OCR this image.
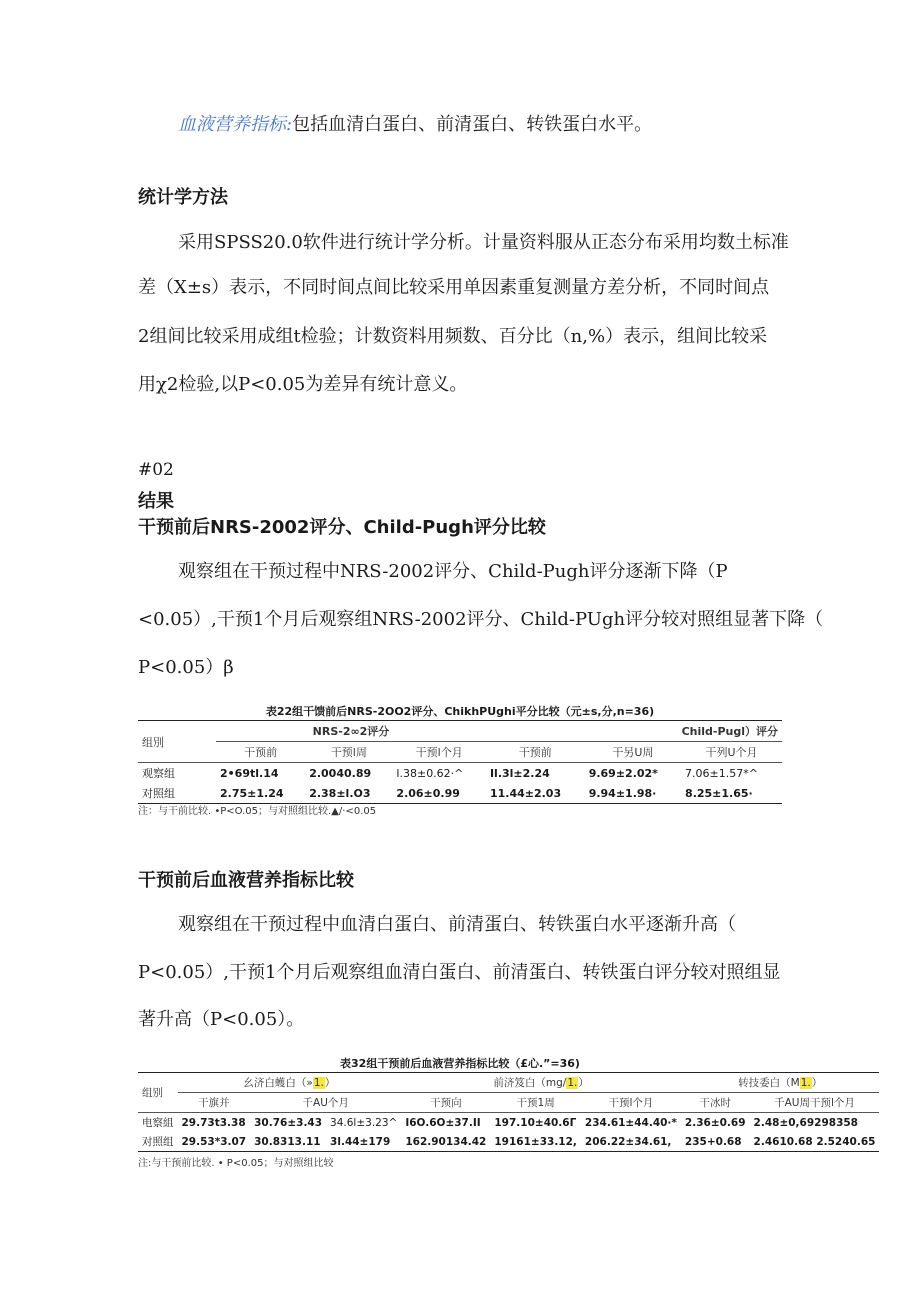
血液营养指标:包括血清白蛋白、前清蛋白、转铁蛋白水平。
统计学方法
采用SPSS20.0软件进行统计学分析。计量资料服从正态分布采用均数土标准
差（X±s）表示，不同时间点间比较采用单因素重复测量方差分析，不同时间点
2组间比较采用成组t检验；计数资料用频数、百分比（n,%）表示，组间比较采
用χ2检验,以P<0.05为差异有统计意义。
#02
结果
干预前后NRS-2002评分、Child-Pugh评分比较
观察组在干预过程中NRS-2002评分、Child-Pugh评分逐渐下降（P
<0.05）,干预1个月后观察组NRS-2002评分、Child-PUgh评分较对照组显著下降（
P<0.05）β
表22组干馈前后NRS-2OO2评分、ChikhPUghi平分比较（元±s,分,n=36)
组別	NRS-2∞2评分			Child-Pugl）评分		
	干预前	干预l周	干预l个月	干预前	干另U周	干列U个月
观察组	2•69tl.14	2.0040.89	l.38±0.62·^	Il.3l±2.24	9.69±2.02*	7.06±1.57*^
对照组	2.75±1.24	2.38±l.O3	2.06±0.99	11.44±2.03	9.94±1.98·	8.25±1.65·
注：与干前比较. •P<O.05；与对照组比较.▲/·<0.05
干预前后血液营养指标比较
观察组在干预过程中血清白蛋白、前清蛋白、转铁蛋白水平逐渐升高（
P<0.05）,干预1个月后观察组血清白蛋白、前清蛋白、转铁蛋白评分较对照组显
著升高（P<0.05）。
表32组干预前后血液营养指标比较（£心.”=36)
组别	幺济白蠖白（»1.）			前济笈白（mg/1.）			转技委白（M1.）	
	干旗并	千AU个月		干预向	干预1周	干预l个月	干冰时	千AU周干预l个月
电察組	29.73t3.38	30.76±3.43	34.6l±3.23^	I6O.6O±37.II	197.10±40.6Γ	234.61±44.40·*	2.36±0.69	2.48±0,69298358
对照组	29.53*3.07	30.8313.11	3l.44±179	162.90134.42	19161±33.12,	206.22±34.61,	235+0.68	2.4610.68 2.5240.65
注:与干预前比较. • P<0.05；与对照组比较
